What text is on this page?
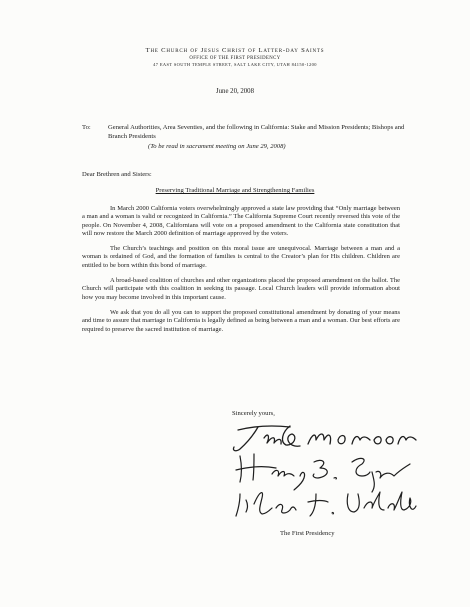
The Church of Jesus Christ of Latter-day Saints
OFFICE OF THE FIRST PRESIDENCY
47 EAST SOUTH TEMPLE STREET, SALT LAKE CITY, UTAH 84150-1200
June 20, 2008
To:	General Authorities, Area Seventies, and the following in California: Stake and Mission Presidents; Bishops and Branch Presidents
(To be read in sacrament meeting on June 29, 2008)
Dear Brethren and Sisters:
Preserving Traditional Marriage and Strengthening Families

In March 2000 California voters overwhelmingly approved a state law providing that “Only marriage between a man and a woman is valid or recognized in California.” The California Supreme Court recently reversed this vote of the people. On November 4, 2008, Californians will vote on a proposed amendment to the California state constitution that will now restore the March 2000 definition of marriage approved by the voters.

The Church’s teachings and position on this moral issue are unequivocal. Marriage between a man and a woman is ordained of God, and the formation of families is central to the Creator’s plan for His children. Children are entitled to be born within this bond of marriage.

A broad-based coalition of churches and other organizations placed the proposed amendment on the ballot. The Church will participate with this coalition in seeking its passage. Local Church leaders will provide information about how you may become involved in this important cause.

We ask that you do all you can to support the proposed constitutional amendment by donating of your means and time to assure that marriage in California is legally defined as being between a man and a woman. Our best efforts are required to preserve the sacred institution of marriage.

Sincerely yours,
The First Presidency
